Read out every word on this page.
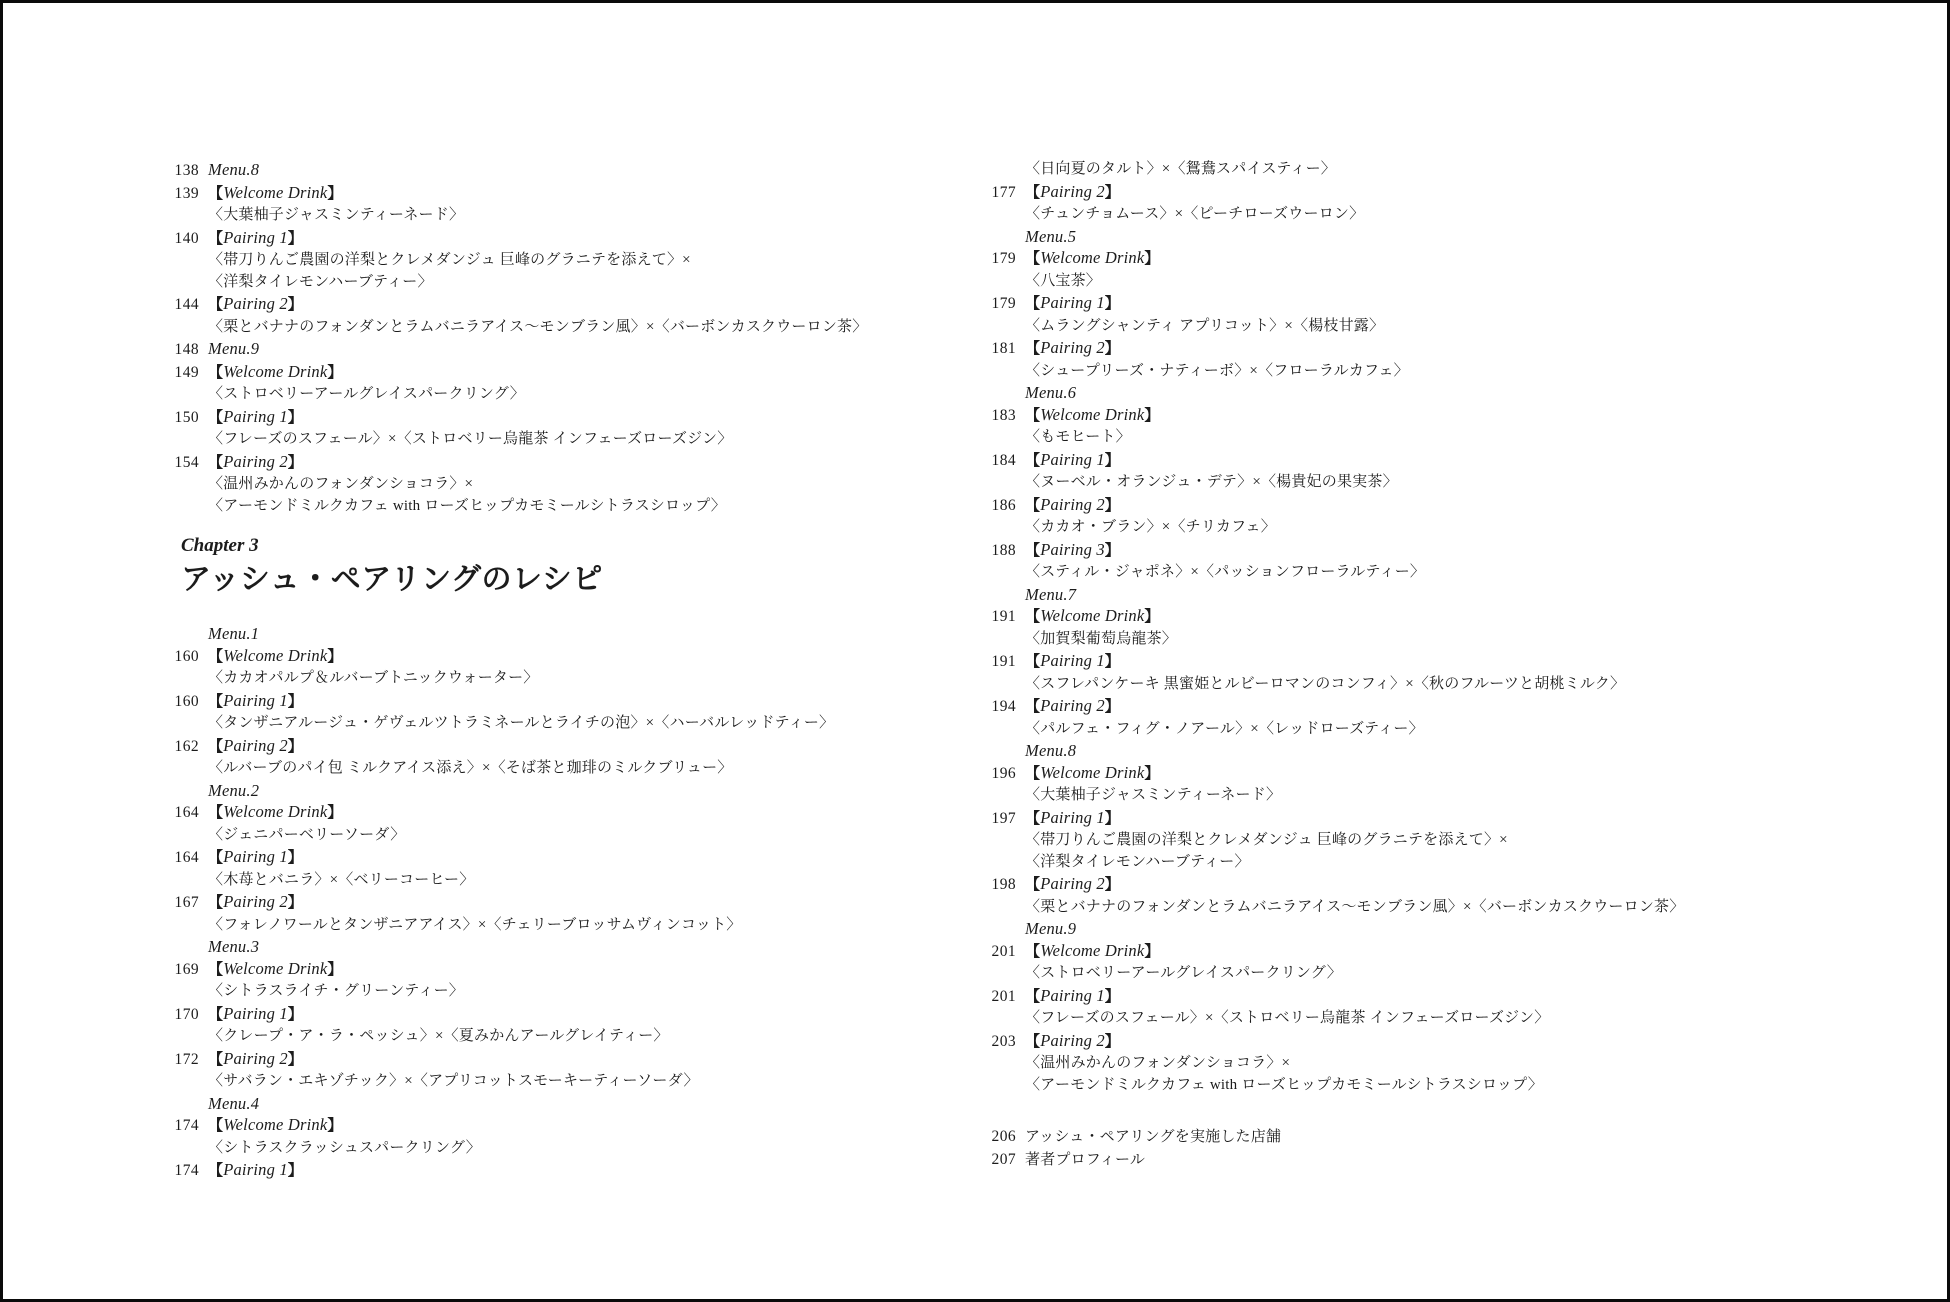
138 Menu.8
139 【Welcome Drink】
〈大葉柚子ジャスミンティーネード〉
140 【Pairing 1】
〈帯刀りんご農園の洋梨とクレメダンジュ 巨峰のグラニテを添えて〉×
〈洋梨タイレモンハーブティー〉
144 【Pairing 2】
〈栗とバナナのフォンダンとラムバニラアイス〜モンブラン風〉×〈バーボンカスクウーロン茶〉
148 Menu.9
149 【Welcome Drink】
〈ストロベリーアールグレイスパークリング〉
150 【Pairing 1】
〈フレーズのスフェール〉×〈ストロベリー烏龍茶 インフェーズローズジン〉
154 【Pairing 2】
〈温州みかんのフォンダンショコラ〉×
〈アーモンドミルクカフェ with ローズヒップカモミールシトラスシロップ〉
Chapter 3
アッシュ・ペアリングのレシピ
Menu.1
160 【Welcome Drink】
〈カカオパルプ＆ルバーブトニックウォーター〉
160 【Pairing 1】
〈タンザニアルージュ・ゲヴェルツトラミネールとライチの泡〉×〈ハーバルレッドティー〉
162 【Pairing 2】
〈ルバーブのパイ包 ミルクアイス添え〉×〈そば茶と珈琲のミルクブリュー〉
Menu.2
164 【Welcome Drink】
〈ジェニパーベリーソーダ〉
164 【Pairing 1】
〈木苺とバニラ〉×〈ベリーコーヒー〉
167 【Pairing 2】
〈フォレノワールとタンザニアアイス〉×〈チェリーブロッサムヴィンコット〉
Menu.3
169 【Welcome Drink】
〈シトラスライチ・グリーンティー〉
170 【Pairing 1】
〈クレープ・ア・ラ・ペッシュ〉×〈夏みかんアールグレイティー〉
172 【Pairing 2】
〈サバラン・エキゾチック〉×〈アプリコットスモーキーティーソーダ〉
Menu.4
174 【Welcome Drink】
〈シトラスクラッシュスパークリング〉
174 【Pairing 1】
〈日向夏のタルト〉×〈鴛鴦スパイスティー〉
177 【Pairing 2】
〈チュンチョムース〉×〈ピーチローズウーロン〉
Menu.5
179 【Welcome Drink】
〈八宝茶〉
179 【Pairing 1】
〈ムラングシャンティ アプリコット〉×〈楊枝甘露〉
181 【Pairing 2】
〈シュープリーズ・ナティーボ〉×〈フローラルカフェ〉
Menu.6
183 【Welcome Drink】
〈もモヒート〉
184 【Pairing 1】
〈ヌーベル・オランジュ・デテ〉×〈楊貴妃の果実茶〉
186 【Pairing 2】
〈カカオ・ブラン〉×〈チリカフェ〉
188 【Pairing 3】
〈スティル・ジャポネ〉×〈パッションフローラルティー〉
Menu.7
191 【Welcome Drink】
〈加賀梨葡萄烏龍茶〉
191 【Pairing 1】
〈スフレパンケーキ 黒蜜姫とルビーロマンのコンフィ〉×〈秋のフルーツと胡桃ミルク〉
194 【Pairing 2】
〈パルフェ・フィグ・ノアール〉×〈レッドローズティー〉
Menu.8
196 【Welcome Drink】
〈大葉柚子ジャスミンティーネード〉
197 【Pairing 1】
〈帯刀りんご農園の洋梨とクレメダンジュ 巨峰のグラニテを添えて〉×
〈洋梨タイレモンハーブティー〉
198 【Pairing 2】
〈栗とバナナのフォンダンとラムバニラアイス〜モンブラン風〉×〈バーボンカスクウーロン茶〉
Menu.9
201 【Welcome Drink】
〈ストロベリーアールグレイスパークリング〉
201 【Pairing 1】
〈フレーズのスフェール〉×〈ストロベリー烏龍茶 インフェーズローズジン〉
203 【Pairing 2】
〈温州みかんのフォンダンショコラ〉×
〈アーモンドミルクカフェ with ローズヒップカモミールシトラスシロップ〉
206 アッシュ・ペアリングを実施した店舗
207 著者プロフィール
